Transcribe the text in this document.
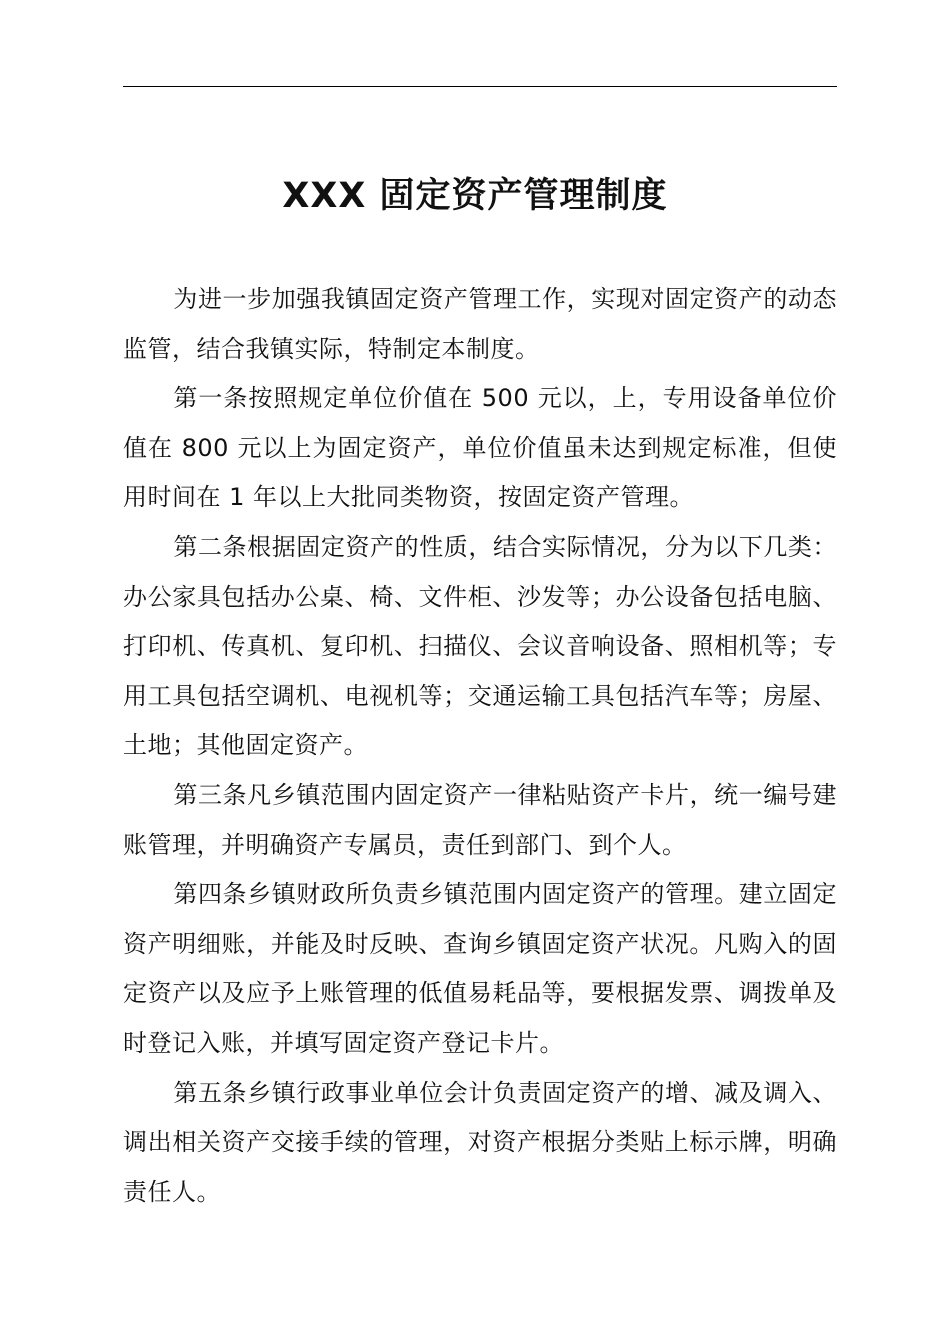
XXX 固定资产管理制度

为进一步加强我镇固定资产管理工作，实现对固定资产的动态监管，结合我镇实际，特制定本制度。

第一条按照规定单位价值在 500 元以，上，专用设备单位价值在 800 元以上为固定资产，单位价值虽未达到规定标准，但使用时间在 1 年以上大批同类物资，按固定资产管理。

第二条根据固定资产的性质，结合实际情况，分为以下几类：办公家具包括办公桌、椅、文件柜、沙发等；办公设备包括电脑、打印机、传真机、复印机、扫描仪、会议音响设备、照相机等；专用工具包括空调机、电视机等；交通运输工具包括汽车等；房屋、土地；其他固定资产。

第三条凡乡镇范围内固定资产一律粘贴资产卡片，统一编号建账管理，并明确资产专属员，责任到部门、到个人。

第四条乡镇财政所负责乡镇范围内固定资产的管理。建立固定资产明细账，并能及时反映、查询乡镇固定资产状况。凡购入的固定资产以及应予上账管理的低值易耗品等，要根据发票、调拨单及时登记入账，并填写固定资产登记卡片。

第五条乡镇行政事业单位会计负责固定资产的增、减及调入、调出相关资产交接手续的管理，对资产根据分类贴上标示牌，明确责任人。
